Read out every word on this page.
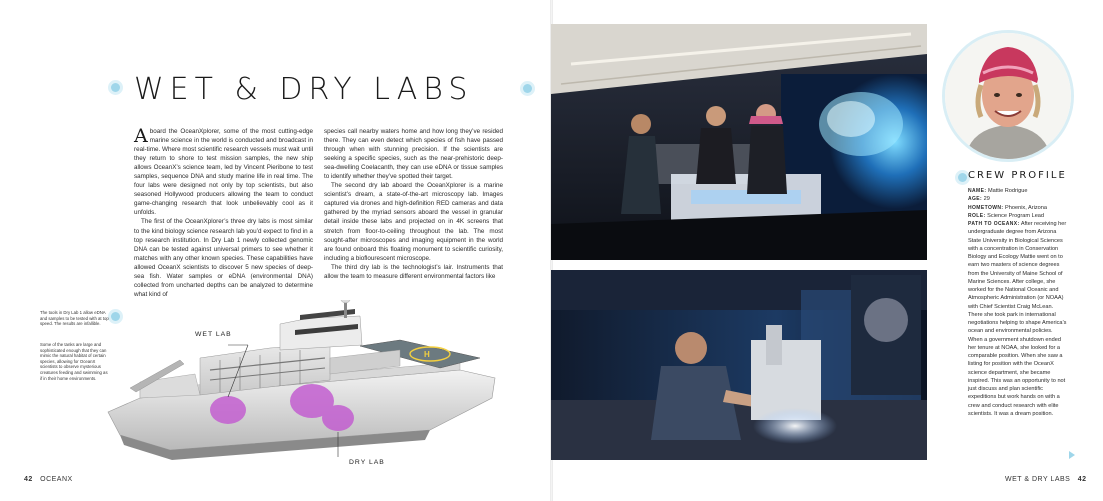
WET & DRY LABS

Aboard the OceanXplorer, some of the most cutting-edge marine science in the world is conducted and broadcast in real-time. Where most scientific research vessels must wait until they return to shore to test mission samples, the new ship allows OceanX’s science team, led by Vincent Pieribone to test samples, sequence DNA and study marine life in real time. The four labs were designed not only by top scientists, but also seasoned Hollywood producers allowing the team to conduct game-changing research that look unbelievably cool as it unfolds.

The first of the OceanXplorer’s three dry labs is most similar to the kind biology science research lab you’d expect to find in a top research institution. In Dry Lab 1 newly collected genomic DNA can be tested against universal primers to see whether it matches with any other known species. These capabilities have allowed OceanX scientists to discover 5 new species of deep-sea fish. Water samples or eDNA (environmental DNA) collected from uncharted depths can be analyzed to determine what kind of

species call nearby waters home and how long they’ve resided there. They can even detect which species of fish have passed through when with stunning precision. If the scientists are seeking a specific species, such as the near-prehistoric deep-sea-dwelling Coelacanth, they can use eDNA or tissue samples to identify whether they’ve spotted their target.

The second dry lab aboard the OceanXplorer is a marine scientist’s dream, a state-of-the-art microscopy lab. Images captured via drones and high-definition RED cameras and data gathered by the myriad sensors aboard the vessel in granular detail inside these labs and projected on in 4K screens that stretch from floor-to-ceiling throughout the lab. The most sought-after microscopes and imaging equipment in the world are found onboard this floating monument to scientific curiosity, including a bioflourescent microscope.

The third dry lab is the technologist’s lair. Instruments that allow the team to measure different environmental factors like

The tools in Dry Lab 1 allow eDNA and samples to be tested with at top speed. The results are infallible.
Some of the tanks are large and sophisticated enough that they can mimic the natural habitat of certain species, allowing for OceanX scientists to observe mysterious creatures feeding and swimming as if in their home environments.
H
WET LAB
DRY LAB
42 OCEANX
CREW PROFILE
NAME: Mattie Rodrigue
AGE: 29
HOMETOWN: Phoenix, Arizona
ROLE: Science Program Lead
PATH TO OCEANX: After receiving her undergraduate degree from Arizona State University in Biological Sciences with a concentration in Conservation Biology and Ecology Mattie went on to earn two masters of science degrees from the University of Maine School of Marine Sciences. After college, she worked for the National Oceanic and Atmospheric Administration (or NOAA) with Chief Scientist Craig McLean. There she took park in international negotiations helping to shape America’s ocean and environmental policies. When a government shutdown ended her tenure at NOAA, she looked for a comparable position. When she saw a listing for position with the OceanX science department, she became inspired. This was an opportunity to not just discuss and plan scientific expeditions but work hands on with a crew and conduct research with elite scientists. It was a dream position.
WET & DRY LABS 42
